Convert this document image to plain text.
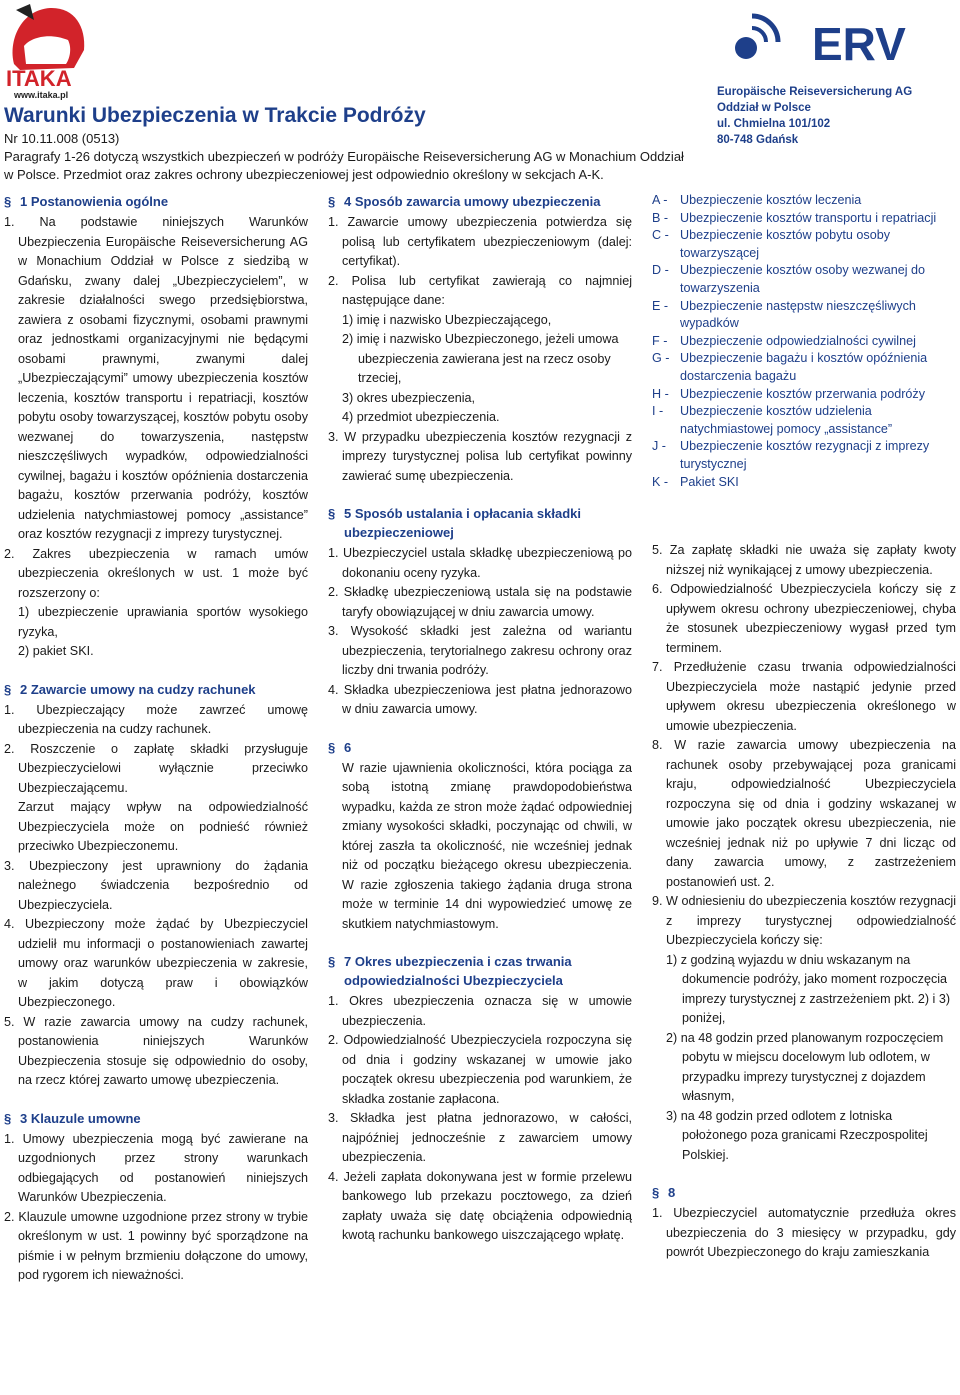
ITAKA
www.itaka.pl
ERV
Warunki Ubezpieczenia w Trakcie Podróży
Nr 10.11.008 (0513)
Paragrafy 1-26 dotyczą wszystkich ubezpieczeń w podróży Europäische Reiseversicherung AG w Monachium Oddział
w Polsce. Przedmiot oraz zakres ochrony ubezpieczeniowej jest odpowiednio określony w sekcjach A-K.
Europäische Reiseversicherung AG
Oddział w Polsce
ul. Chmielna 101/102
80-748 Gdańsk
§ 1 Postanowienia ogólne

1. Na podstawie niniejszych Warunków Ubezpieczenia Europäische Reiseversicherung AG w Monachium Oddział w Polsce z siedzibą w Gdańsku, zwany dalej „Ubezpieczycielem”, w zakresie działalności swego przedsiębiorstwa, zawiera z osobami fizycznymi, osobami prawnymi oraz jednostkami organizacyjnymi nie będącymi osobami prawnymi, zwanymi dalej „Ubezpieczającymi” umowy ubezpieczenia kosztów leczenia, kosztów transportu i repatriacji, kosztów pobytu osoby towarzyszącej, kosztów pobytu osoby wezwanej do towarzyszenia, następstw nieszczęśliwych wypadków, odpowiedzialności cywilnej, bagażu i kosztów opóźnienia dostarczenia bagażu, kosztów przerwania podróży, kosztów udzielenia natychmiastowej pomocy „assistance” oraz kosztów rezygnacji z imprezy turystycznej.

2. Zakres ubezpieczenia w ramach umów ubezpieczenia określonych w ust. 1 może być rozszerzony o:

1) ubezpieczenie uprawiania sportów wysokiego ryzyka,

2) pakiet SKI.

§ 2 Zawarcie umowy na cudzy rachunek

1. Ubezpieczający może zawrzeć umowę ubezpieczenia na cudzy rachunek.

2. Roszczenie o zapłatę składki przysługuje Ubezpieczycielowi wyłącznie przeciwko Ubezpieczającemu.

Zarzut mający wpływ na odpowiedzialność Ubezpieczyciela może on podnieść również przeciwko Ubezpieczonemu.

3. Ubezpieczony jest uprawniony do żądania należnego świadczenia bezpośrednio od Ubezpieczyciela.

4. Ubezpieczony może żądać by Ubezpieczyciel udzielił mu informacji o postanowieniach zawartej umowy oraz warunków ubezpieczenia w zakresie, w jakim dotyczą praw i obowiązków Ubezpieczonego.

5. W razie zawarcia umowy na cudzy rachunek, postanowienia niniejszych Warunków Ubezpieczenia stosuje się odpowiednio do osoby, na rzecz której zawarto umowę ubezpieczenia.

§ 3 Klauzule umowne

1. Umowy ubezpieczenia mogą być zawierane na uzgodnionych przez strony warunkach odbiegających od postanowień niniejszych Warunków Ubezpieczenia.

2. Klauzule umowne uzgodnione przez strony w trybie określonym w ust. 1 powinny być sporządzone na piśmie i w pełnym brzmieniu dołączone do umowy, pod rygorem ich nieważności.

§ 4 Sposób zawarcia umowy ubezpieczenia

1. Zawarcie umowy ubezpieczenia potwierdza się polisą lub certyfikatem ubezpieczeniowym (dalej: certyfikat).

2. Polisa lub certyfikat zawierają co najmniej następujące dane:

1) imię i nazwisko Ubezpieczającego,

2) imię i nazwisko Ubezpieczonego, jeżeli umowa ubezpieczenia zawierana jest na rzecz osoby trzeciej,

3) okres ubezpieczenia,

4) przedmiot ubezpieczenia.

3. W przypadku ubezpieczenia kosztów rezygnacji z imprezy turystycznej polisa lub certyfikat powinny zawierać sumę ubezpieczenia.

§ 5 Sposób ustalania i opłacania składki ubezpieczeniowej

1. Ubezpieczyciel ustala składkę ubezpieczeniową po dokonaniu oceny ryzyka.

2. Składkę ubezpieczeniową ustala się na podstawie taryfy obowiązującej w dniu zawarcia umowy.

3. Wysokość składki jest zależna od wariantu ubezpieczenia, terytorialnego zakresu ochrony oraz liczby dni trwania podróży.

4. Składka ubezpieczeniowa jest płatna jednorazowo w dniu zawarcia umowy.

§ 6

W razie ujawnienia okoliczności, która pociąga za sobą istotną zmianę prawdopodobieństwa wypadku, każda ze stron może żądać odpowiedniej zmiany wysokości składki, poczynając od chwili, w której zaszła ta okoliczność, nie wcześniej jednak niż od początku bieżącego okresu ubezpieczenia. W razie zgłoszenia takiego żądania druga strona może w terminie 14 dni wypowiedzieć umowę ze skutkiem natychmiastowym.

§ 7 Okres ubezpieczenia i czas trwania odpowiedzialności Ubezpieczyciela

1. Okres ubezpieczenia oznacza się w umowie ubezpieczenia.

2. Odpowiedzialność Ubezpieczyciela rozpoczyna się od dnia i godziny wskazanej w umowie jako początek okresu ubezpieczenia pod warunkiem, że składka zostanie zapłacona.

3. Składka jest płatna jednorazowo, w całości, najpóźniej jednocześnie z zawarciem umowy ubezpieczenia.

4. Jeżeli zapłata dokonywana jest w formie przelewu bankowego lub przekazu pocztowego, za dzień zapłaty uważa się datę obciążenia odpowiednią kwotą rachunku bankowego uiszczającego wpłatę.

A - Ubezpieczenie kosztów leczenia
B - Ubezpieczenie kosztów transportu i repatriacji
C - Ubezpieczenie kosztów pobytu osoby towarzyszącej
D - Ubezpieczenie kosztów osoby wezwanej do towarzyszenia
E - Ubezpieczenie następstw nieszczęśliwych wypadków
F -	Ubezpieczenie odpowiedzialności cywilnej
G - Ubezpieczenie bagażu i kosztów opóźnienia dostarczenia bagażu
H - Ubezpieczenie kosztów przerwania podróży
I -	Ubezpieczenie kosztów udzielenia natychmiastowej pomocy „assistance”
J -	Ubezpieczenie kosztów rezygnacji z imprezy turystycznej
K - Pakiet SKI

5. Za zapłatę składki nie uważa się zapłaty kwoty niższej niż wynikającej z umowy ubezpieczenia.

6. Odpowiedzialność Ubezpieczyciela kończy się z upływem okresu ochrony ubezpieczeniowej, chyba że stosunek ubezpieczeniowy wygasł przed tym terminem.

7. Przedłużenie czasu trwania odpowiedzialności Ubezpieczyciela może nastąpić jedynie przed upływem okresu ubezpieczenia określonego w umowie ubezpieczenia.

8. W razie zawarcia umowy ubezpieczenia na rachunek osoby przebywającej poza granicami kraju, odpowiedzialność Ubezpieczyciela rozpoczyna się od dnia i godziny wskazanej w umowie jako początek okresu ubezpieczenia, nie wcześniej jednak niż po upływie 7 dni licząc od dany zawarcia umowy, z zastrzeżeniem postanowień ust. 2.

9. W odniesieniu do ubezpieczenia kosztów rezygnacji z imprezy turystycznej odpowiedzialność Ubezpieczyciela kończy się:

1) z godziną wyjazdu w dniu wskazanym na dokumencie podróży, jako moment rozpoczęcia imprezy turystycznej z zastrzeżeniem pkt. 2) i 3) poniżej,

2) na 48 godzin przed planowanym rozpoczęciem pobytu w miejscu docelowym lub odlotem, w przypadku imprezy turystycznej z dojazdem własnym,

3) na 48 godzin przed odlotem z lotniska położonego poza granicami Rzeczpospolitej Polskiej.

§ 8

1. Ubezpieczyciel automatycznie przedłuża okres ubezpieczenia do 3 miesięcy w przypadku, gdy powrót Ubezpieczonego do kraju zamieszkania
